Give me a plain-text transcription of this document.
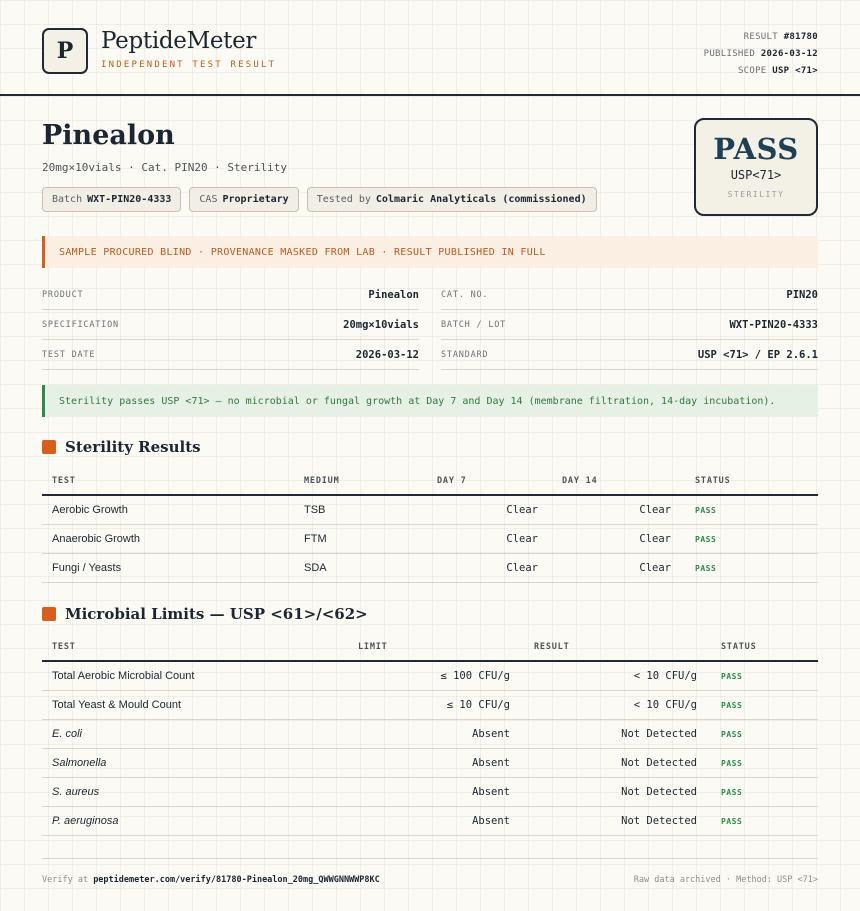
P	PeptideMeter
INDEPENDENT TEST RESULT
RESULT #81780
PUBLISHED 2026-03-12
SCOPE USP <71>
Pinealon
20mg×10vials · Cat. PIN20 · Sterility
Batch WXT-PIN20-4333	CAS Proprietary	Tested by Colmaric Analyticals (commissioned)
PASS
USP<71>
STERILITY
SAMPLE PROCURED BLIND · PROVENANCE MASKED FROM LAB · RESULT PUBLISHED IN FULL
PRODUCT	Pinealon	CAT. NO.	PIN20
SPECIFICATION	20mg×10vials	BATCH / LOT	WXT-PIN20-4333
TEST DATE	2026-03-12	STANDARD	USP <71> / EP 2.6.1
Sterility passes USP <71> — no microbial or fungal growth at Day 7 and Day 14 (membrane filtration, 14-day incubation).
Sterility Results
TEST	MEDIUM	DAY 7	DAY 14	STATUS
Aerobic Growth	TSB	Clear	Clear	PASS
Anaerobic Growth	FTM	Clear	Clear	PASS
Fungi / Yeasts	SDA	Clear	Clear	PASS
Microbial Limits — USP <61>/<62>
TEST	LIMIT	RESULT	STATUS
Total Aerobic Microbial Count	≤ 100 CFU/g	< 10 CFU/g	PASS
Total Yeast & Mould Count	≤ 10 CFU/g	< 10 CFU/g	PASS
E. coli	Absent	Not Detected	PASS
Salmonella	Absent	Not Detected	PASS
S. aureus	Absent	Not Detected	PASS
P. aeruginosa	Absent	Not Detected	PASS
Verify at peptidemeter.com/verify/81780-Pinealon_20mg_QWWGNNWWP8KC	Raw data archived · Method: USP <71>
